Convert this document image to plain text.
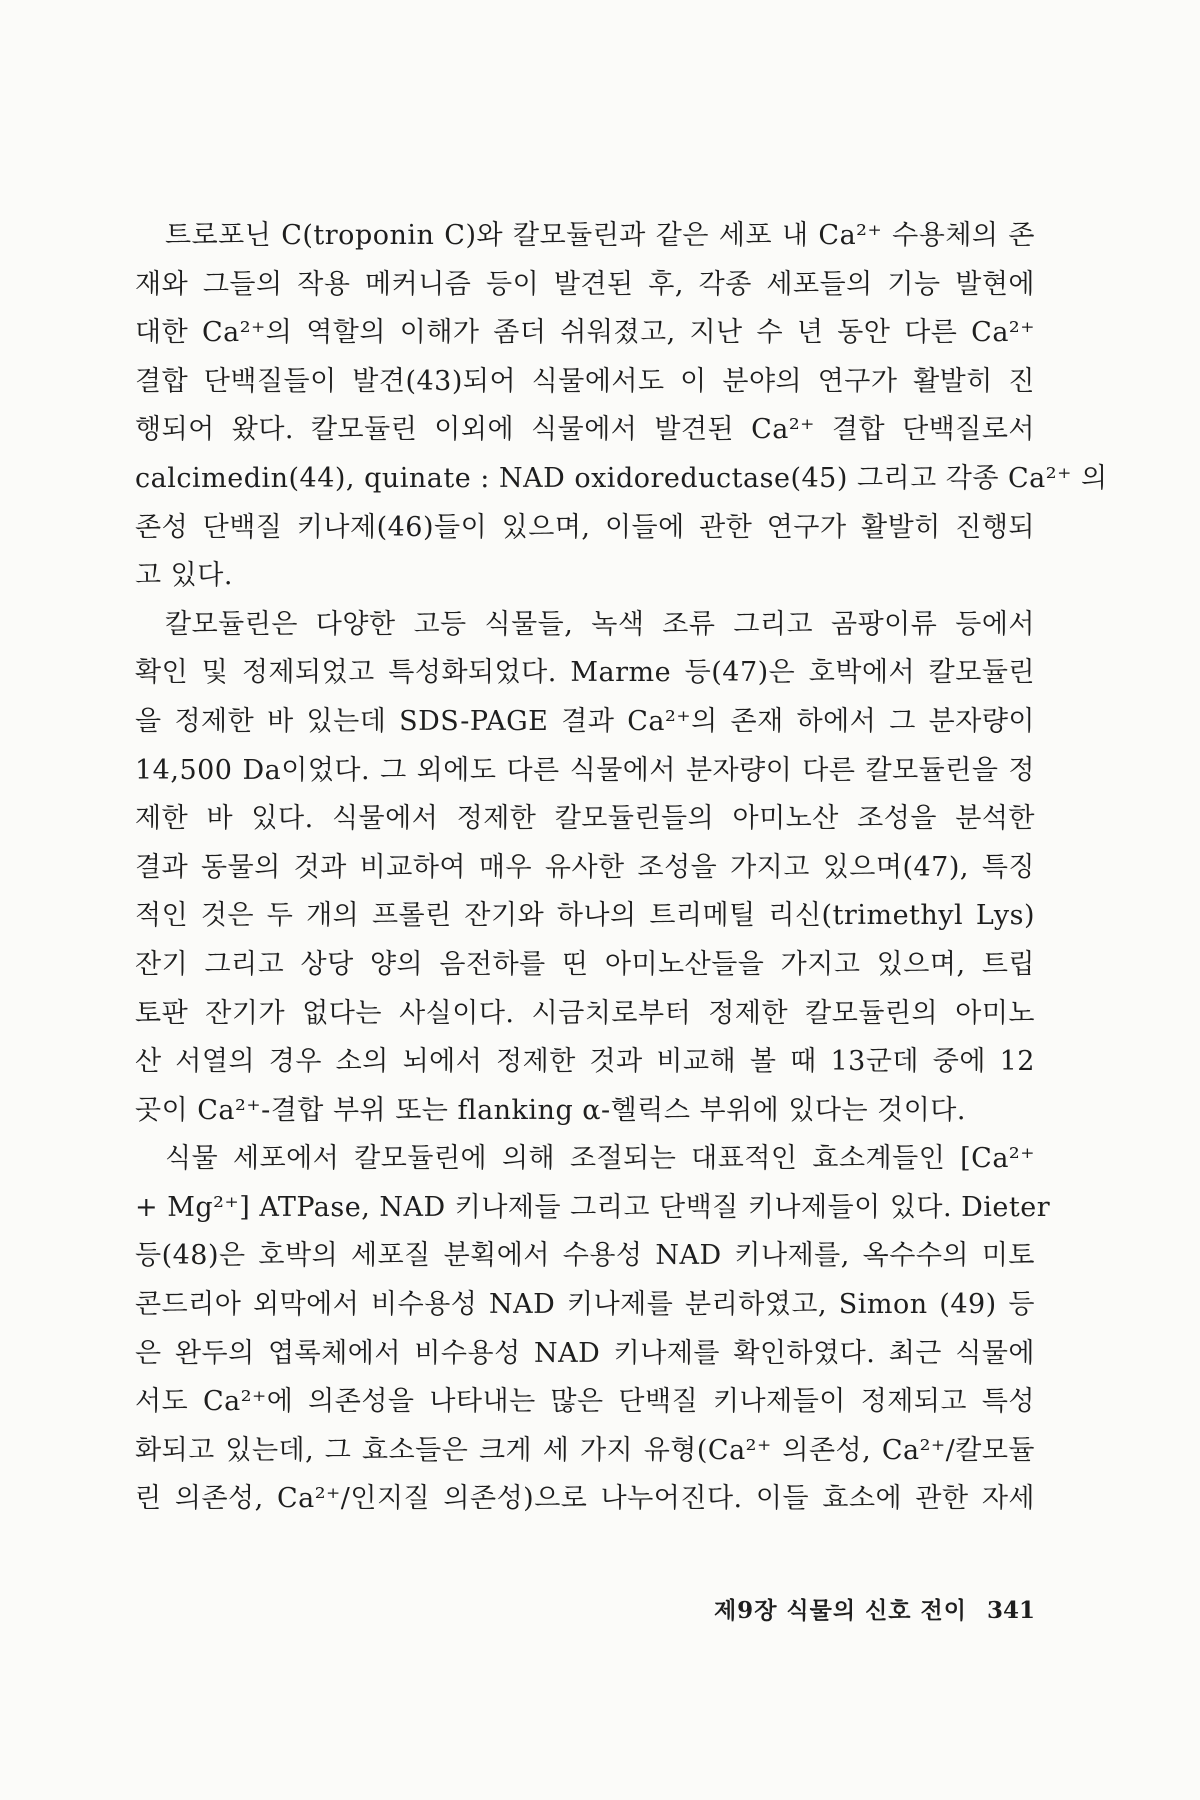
트로포닌 C(troponin C)와 칼모듈린과 같은 세포 내 Ca²⁺ 수용체의 존
재와 그들의 작용 메커니즘 등이 발견된 후, 각종 세포들의 기능 발현에
대한 Ca²⁺의 역할의 이해가 좀더 쉬워졌고, 지난 수 년 동안 다른 Ca²⁺
결합 단백질들이 발견(43)되어 식물에서도 이 분야의 연구가 활발히 진
행되어 왔다. 칼모듈린 이외에 식물에서 발견된 Ca²⁺ 결합 단백질로서
calcimedin(44), quinate : NAD oxidoreductase(45) 그리고 각종 Ca²⁺ 의
존성 단백질 키나제(46)들이 있으며, 이들에 관한 연구가 활발히 진행되
고 있다.
칼모듈린은 다양한 고등 식물들, 녹색 조류 그리고 곰팡이류 등에서
확인 및 정제되었고 특성화되었다. Marme 등(47)은 호박에서 칼모듈린
을 정제한 바 있는데 SDS-PAGE 결과 Ca²⁺의 존재 하에서 그 분자량이
14,500 Da이었다. 그 외에도 다른 식물에서 분자량이 다른 칼모듈린을 정
제한 바 있다. 식물에서 정제한 칼모듈린들의 아미노산 조성을 분석한
결과 동물의 것과 비교하여 매우 유사한 조성을 가지고 있으며(47), 특징
적인 것은 두 개의 프롤린 잔기와 하나의 트리메틸 리신(trimethyl Lys)
잔기 그리고 상당 양의 음전하를 띤 아미노산들을 가지고 있으며, 트립
토판 잔기가 없다는 사실이다. 시금치로부터 정제한 칼모듈린의 아미노
산 서열의 경우 소의 뇌에서 정제한 것과 비교해 볼 때 13군데 중에 12
곳이 Ca²⁺-결합 부위 또는 flanking α-헬릭스 부위에 있다는 것이다.
식물 세포에서 칼모듈린에 의해 조절되는 대표적인 효소계들인 [Ca²⁺
+ Mg²⁺] ATPase, NAD 키나제들 그리고 단백질 키나제들이 있다. Dieter
등(48)은 호박의 세포질 분획에서 수용성 NAD 키나제를, 옥수수의 미토
콘드리아 외막에서 비수용성 NAD 키나제를 분리하였고, Simon (49) 등
은 완두의 엽록체에서 비수용성 NAD 키나제를 확인하였다. 최근 식물에
서도 Ca²⁺에 의존성을 나타내는 많은 단백질 키나제들이 정제되고 특성
화되고 있는데, 그 효소들은 크게 세 가지 유형(Ca²⁺ 의존성, Ca²⁺/칼모듈
린 의존성, Ca²⁺/인지질 의존성)으로 나누어진다. 이들 효소에 관한 자세
제9장 식물의 신호 전이 341
